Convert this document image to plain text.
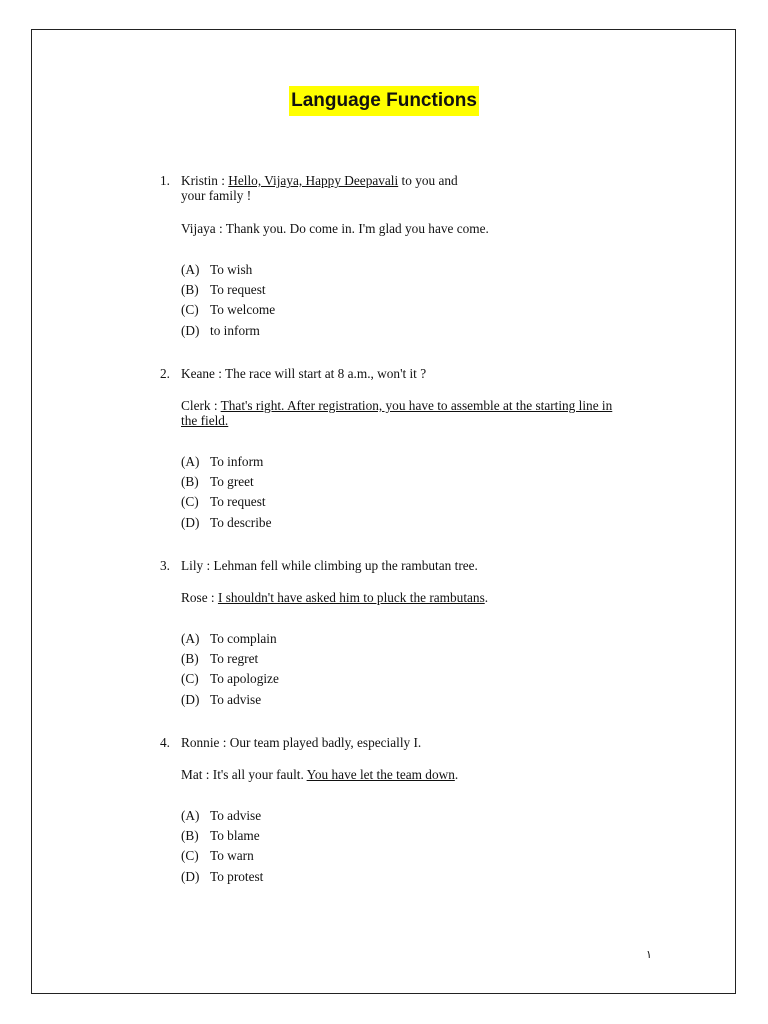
Language Functions
1. Kristin : Hello, Vijaya, Happy Deepavali to you and
your family !
Vijaya : Thank you. Do come in. I'm glad you have come.
(A) To wish
(B) To request
(C) To welcome
(D) to inform
2. Keane : The race will start at 8 a.m., won't it ?
Clerk : That's right. After registration, you have to assemble at the starting line in
the field.
(A) To inform
(B) To greet
(C) To request
(D) To describe
3. Lily : Lehman fell while climbing up the rambutan tree.
Rose : I shouldn't have asked him to pluck the rambutans.
(A) To complain
(B) To regret
(C) To apologize
(D) To advise
4. Ronnie : Our team played badly, especially I.
Mat : It's all your fault. You have let the team down.
(A) To advise
(B) To blame
(C) To warn
(D) To protest
١
